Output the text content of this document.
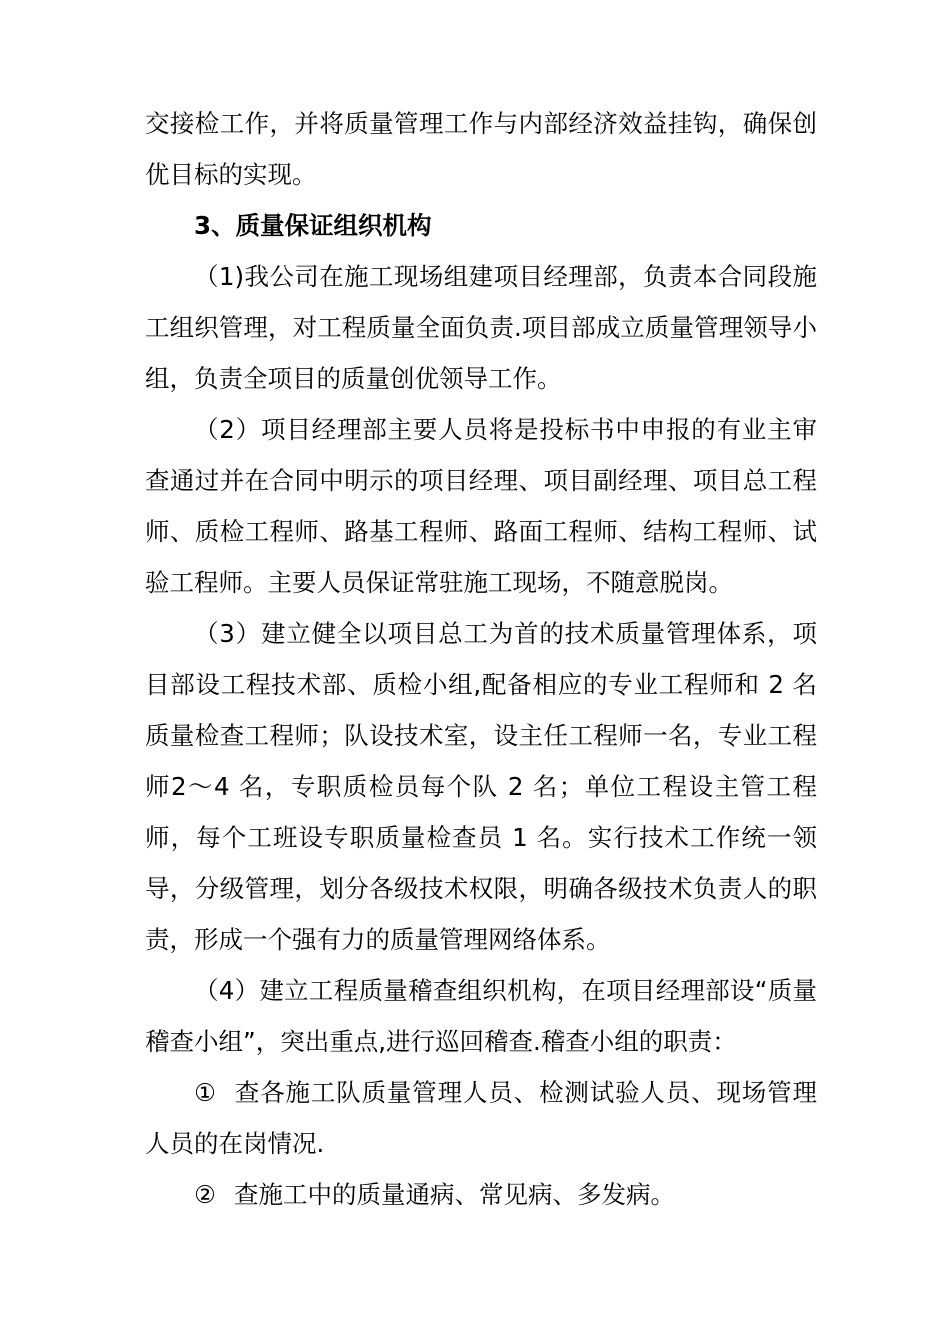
交接检工作，并将质量管理工作与内部经济效益挂钩，确保创优目标的实现。

3、质量保证组织机构

（1)我公司在施工现场组建项目经理部，负责本合同段施工组织管理，对工程质量全面负责.项目部成立质量管理领导小组，负责全项目的质量创优领导工作。

（2）项目经理部主要人员将是投标书中申报的有业主审查通过并在合同中明示的项目经理、项目副经理、项目总工程师、质检工程师、路基工程师、路面工程师、结构工程师、试验工程师。主要人员保证常驻施工现场，不随意脱岗。

（3）建立健全以项目总工为首的技术质量管理体系，项目部设工程技术部、质检小组,配备相应的专业工程师和 2 名质量检查工程师；队设技术室，设主任工程师一名，专业工程师2～4 名，专职质检员每个队 2 名；单位工程设主管工程师，每个工班设专职质量检查员 1 名。实行技术工作统一领导，分级管理，划分各级技术权限，明确各级技术负责人的职责，形成一个强有力的质量管理网络体系。

（4）建立工程质量稽查组织机构，在项目经理部设“质量稽查小组”，突出重点,进行巡回稽查.稽查小组的职责：

① 查各施工队质量管理人员、检测试验人员、现场管理人员的在岗情况.

② 查施工中的质量通病、常见病、多发病。
